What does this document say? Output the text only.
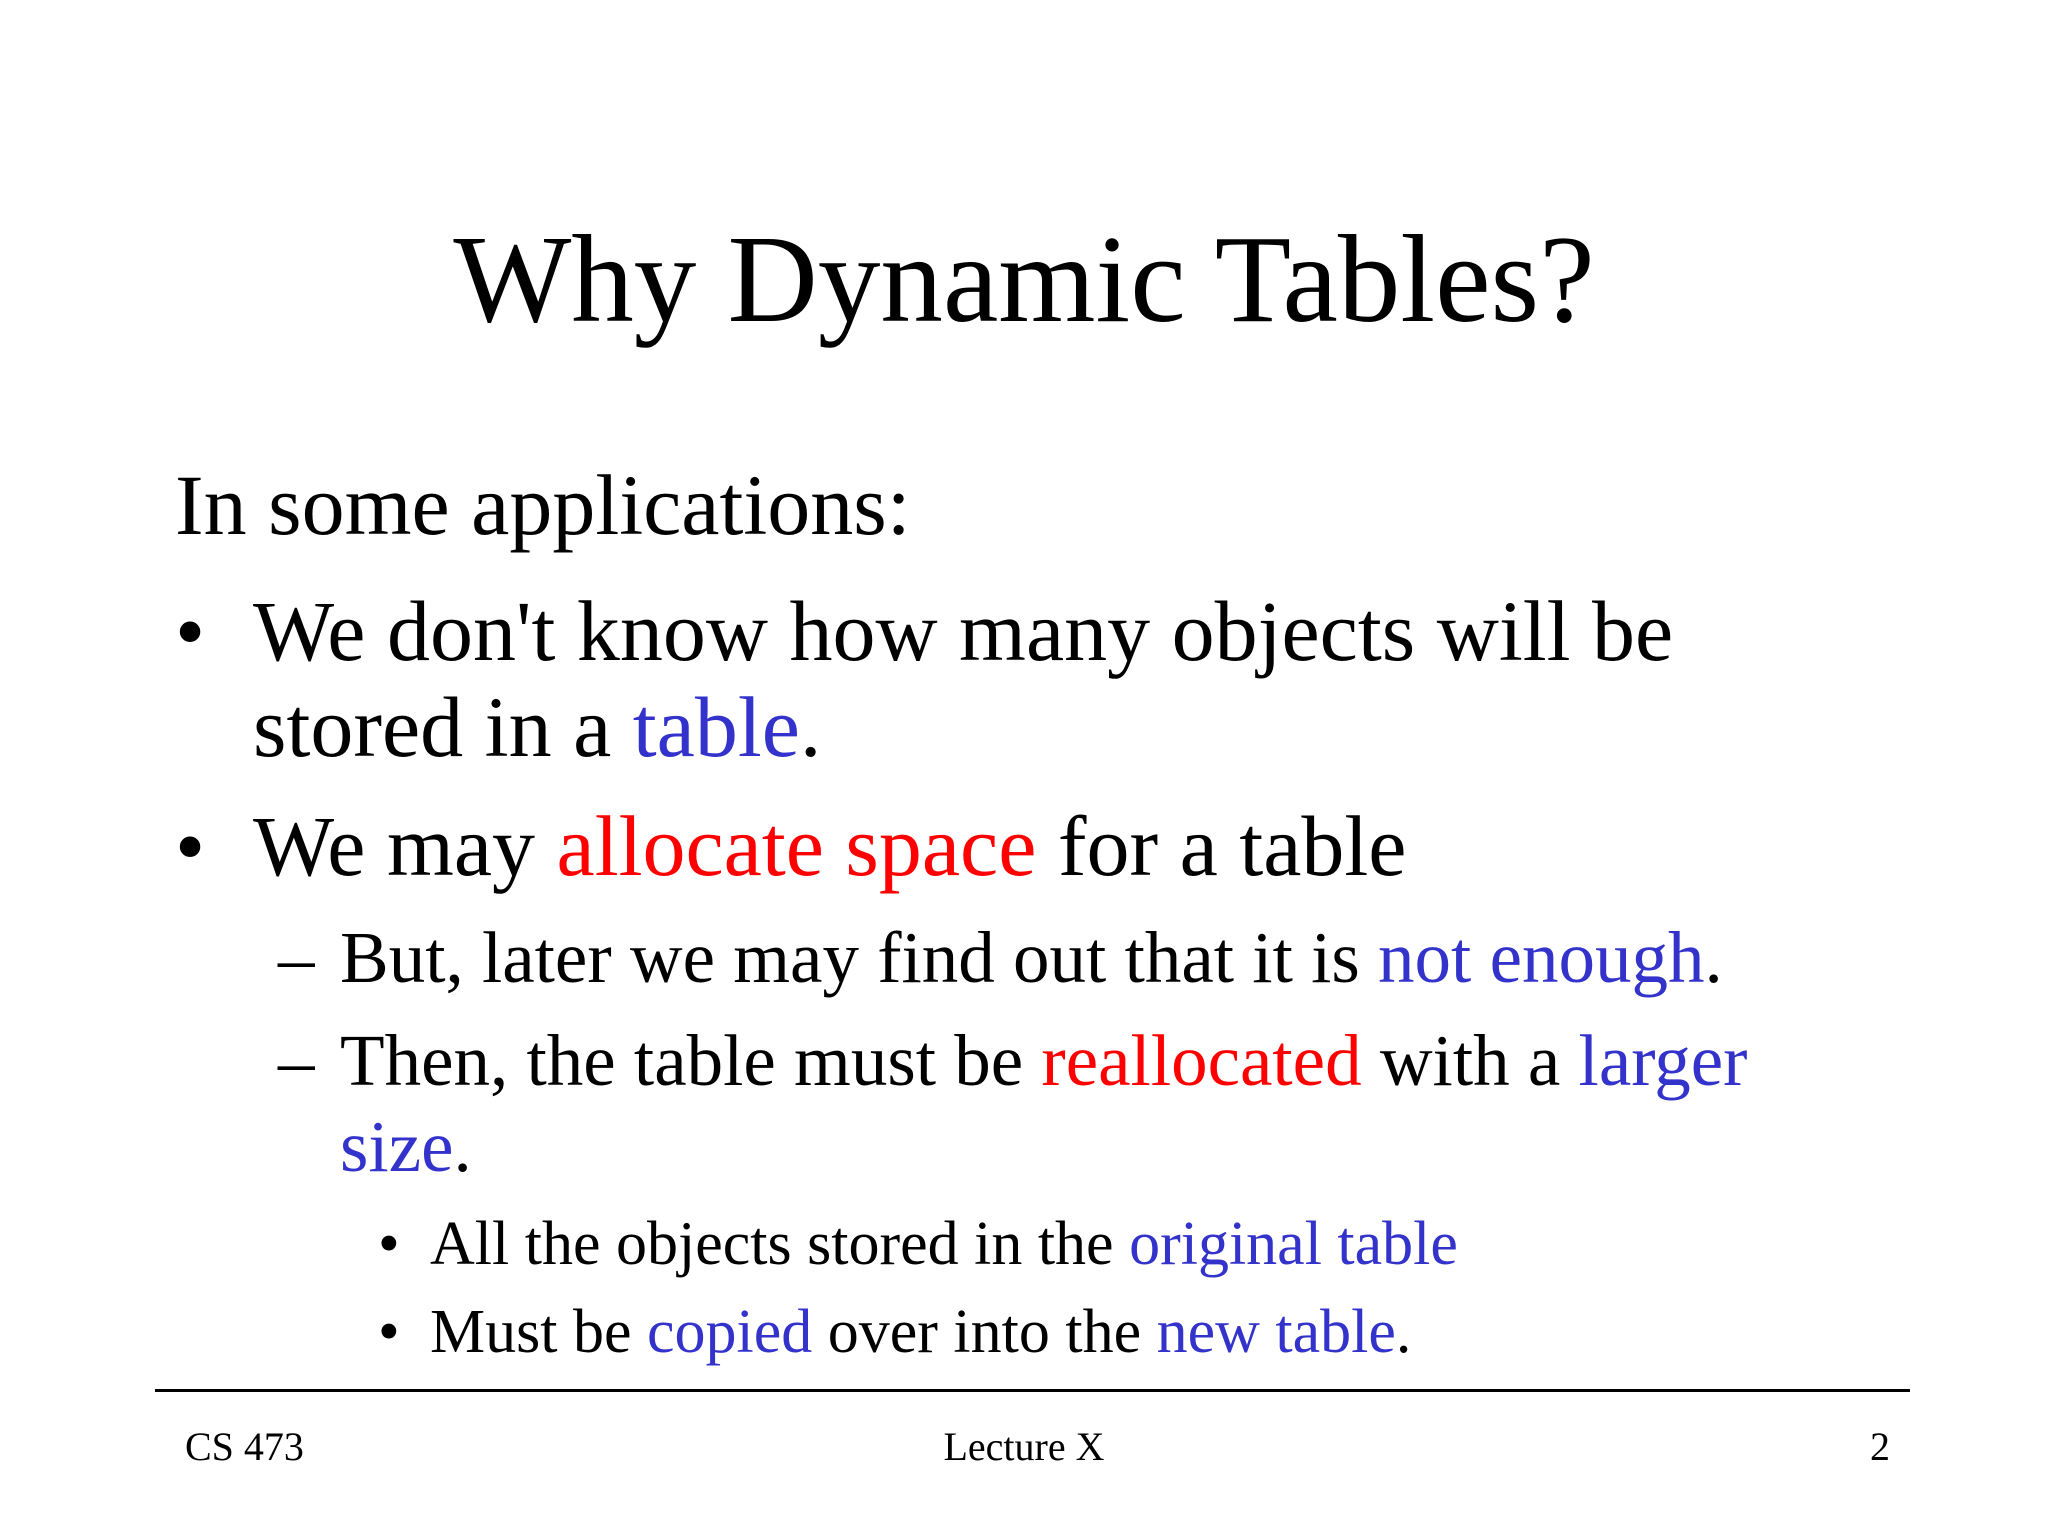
Why Dynamic Tables?
In some applications:
• We don't know how many objects will be
stored in a table.
• We may allocate space for a table
– But, later we may find out that it is not enough.
– Then, the table must be reallocated with a larger
size.
• All the objects stored in the original table
• Must be copied over into the new table.
CS 473	Lecture X	2
